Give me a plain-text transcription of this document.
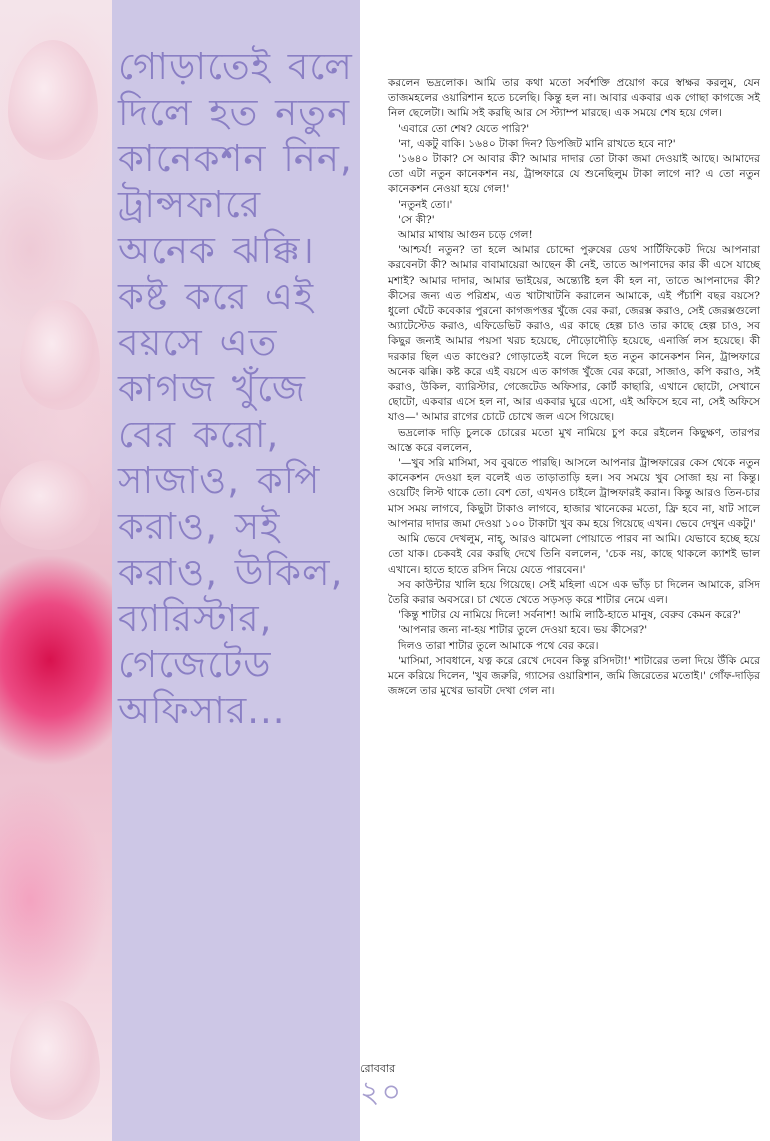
গোড়াতেই বলে দিলে হত নতুন কানেকশন নিন, ট্রান্সফারে অনেক ঝক্কি। কষ্ট করে এই বয়সে এত কাগজ খুঁজে বের করো, সাজাও, কপি করাও, সই করাও, উকিল, ব্যারিস্টার, গেজেটেড অফিসার...

করলেন ভদ্রলোক। আমি তার কথা মতো সর্বশক্তি প্রয়োগ করে স্বাক্ষর করলুম, যেন তাজমহলের ওয়ারিশান হতে চলেছি। কিন্তু হল না। আবার একবার এক গোছা কাগজে সই নিল ছেলেটা। আমি সই করছি আর সে স্ট্যাম্প মারছে। এক সময়ে শেষ হয়ে গেল।

'এবারে তো শেষ? যেতে পারি?'

'না, একটু বাকি। ১৬৪০ টাকা দিন? ডিপজিট মানি রাখতে হবে না?'

'১৬৪০ টাকা? সে আবার কী? আমার দাদার তো টাকা জমা দেওয়াই আছে। আমাদের তো এটা নতুন কানেকশন নয়, ট্রান্সফারে যে শুনেছিলুম টাকা লাগে না? এ তো নতুন কানেকশন নেওয়া হয়ে গেল!'

'নতুনই তো।'

'সে কী?'

আমার মাথায় আগুন চড়ে গেল!

'আশ্চর্য! নতুন? তা হলে আমার চোদ্দো পুরুষের ডেথ সার্টিফিকেট দিয়ে আপনারা করবেনটা কী? আমার বাবামায়েরা আছেন কী নেই, তাতে আপনাদের কার কী এসে যাচ্ছে মশাই? আমার দাদার, আমার ভাইয়ের, অন্ত্যেষ্টি হল কী হল না, তাতে আপনাদের কী? কীসের জন্য এত পরিশ্রম, এত খাটাখাটনি করালেন আমাকে, এই পঁচাশি বছর বয়সে? ধুলো ঘেঁটে কবেকার পুরনো কাগজপত্তর খুঁজে বের করা, জেরক্স করাও, সেই জেরক্সগুলো অ্যাটেস্টেড করাও, এফিডেভিট করাও, এর কাছে হেল্প চাও তার কাছে হেল্প চাও, সব কিছুর জন্যই আমার পয়সা খরচ হয়েছে, দৌড়োদৌড়ি হয়েছে, এনার্জি লস হয়েছে। কী দরকার ছিল এত কাণ্ডের? গোড়াতেই বলে দিলে হত নতুন কানেকশন নিন, ট্রান্সফারে অনেক ঝক্কি। কষ্ট করে এই বয়সে এত কাগজ খুঁজে বের করো, সাজাও, কপি করাও, সই করাও, উকিল, ব্যারিস্টার, গেজেটেড অফিসার, কোর্ট কাছারি, এখানে ছোটো, সেখানে ছোটো, একবার এসে হল না, আর একবার ঘুরে এসো, এই অফিসে হবে না, সেই অফিসে যাও—' আমার রাগের চোটে চোখে জল এসে গিয়েছে।

ভদ্রলোক দাড়ি চুলকে চোরের মতো মুখ নামিয়ে চুপ করে রইলেন কিছুক্ষণ, তারপর আস্তে করে বললেন,

'—খুব সরি মাসিমা, সব বুঝতে পারছি। আসলে আপনার ট্রান্সফারের কেস থেকে নতুন কানেকশন দেওয়া হল বলেই এত তাড়াতাড়ি হল। সব সময়ে খুব সোজা হয় না কিন্তু। ওয়েটিং লিস্ট থাকে তো। বেশ তো, এখনও চাইলে ট্রান্সফারই করান। কিন্তু আরও তিন-চার মাস সময় লাগবে, কিছুটা টাকাও লাগবে, হাজার খানেকের মতো, ফ্রি হবে না, ষাট সালে আপনার দাদার জমা দেওয়া ১০০ টাকাটা খুব কম হয়ে গিয়েছে এখন। ভেবে দেখুন একটু।'

আমি ভেবে দেখলুম, নাহ্, আরও ঝামেলা পোয়াতে পারব না আমি। যেভাবে হচ্ছে হয়ে তো যাক। চেকবই বের করছি দেখে তিনি বললেন, 'চেক নয়, কাছে থাকলে ক্যাশই ভাল এখানে। হাতে হাতে রসিদ নিয়ে যেতে পারবেন।'

সব কাউন্টার খালি হয়ে গিয়েছে। সেই মহিলা এসে এক ভাঁড় চা দিলেন আমাকে, রসিদ তৈরি করার অবসরে। চা খেতে খেতে সড়সড় করে শাটার নেমে এল।

'কিন্তু শাটার যে নামিয়ে দিলে! সর্বনাশ! আমি লাঠি-হাতে মানুষ, বেরুব কেমন করে?'

'আপনার জন্য না-হয় শাটার তুলে দেওয়া হবে। ভয় কীসের?'

দিলও তারা শাটার তুলে আমাকে পথে বের করে।

'মাসিমা, সাবধানে, যত্ন করে রেখে দেবেন কিন্তু রসিদটা!' শাটারের তলা দিয়ে উঁকি মেরে মনে করিয়ে দিলেন, 'খুব জরুরি, গ্যাসের ওয়ারিশান, জমি জিরেতের মতোই।' গোঁফ-দাড়ির জঙ্গলে তার মুখের ভাবটা দেখা গেল না।

রোববার
২০
